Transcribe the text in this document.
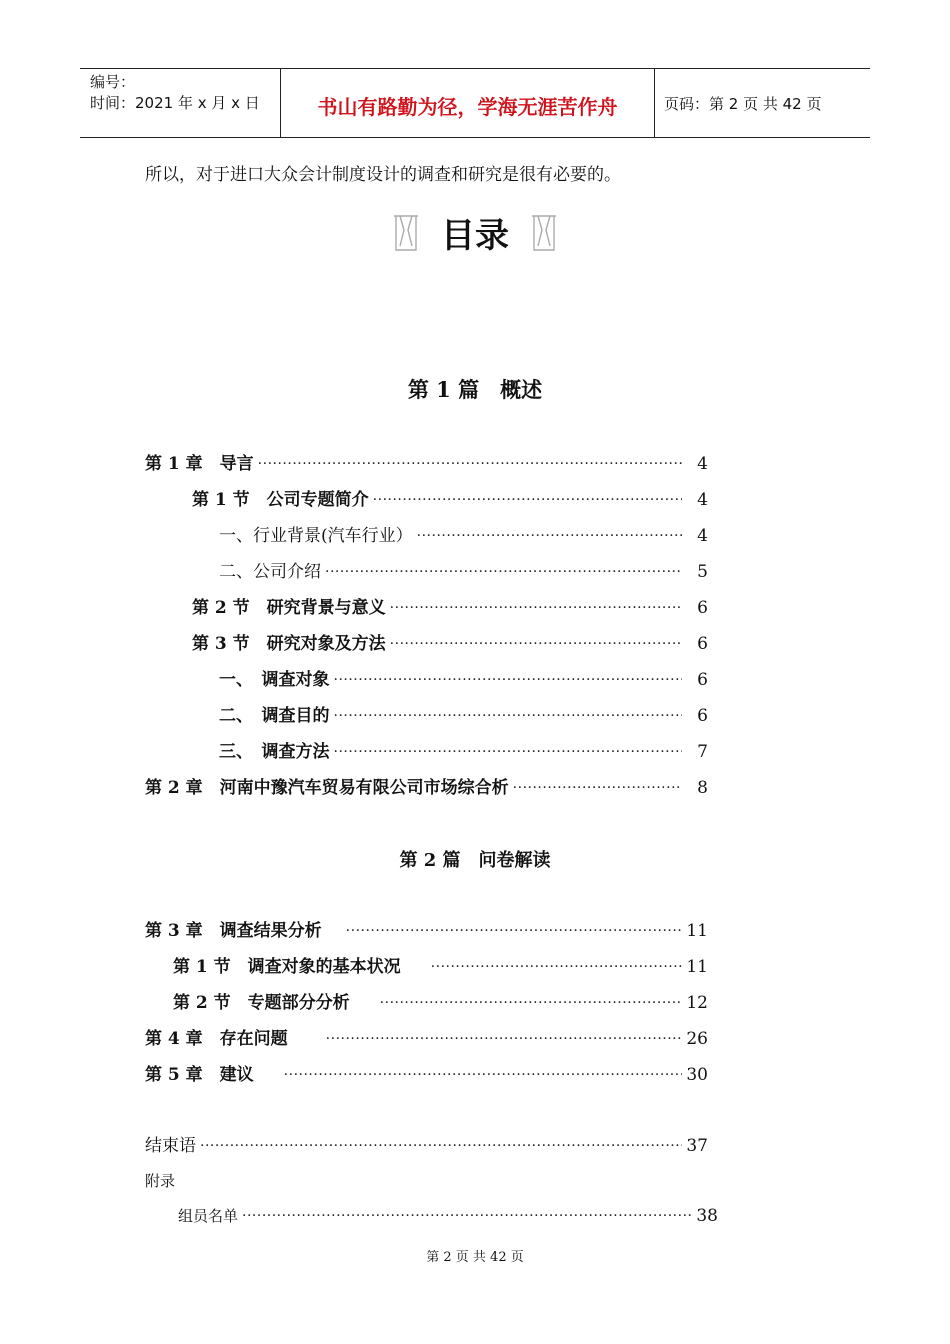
编号：
时间：2021 年 x 月 x 日	书山有路勤为径，学海无涯苦作舟	页码：第 2 页 共 42 页
所以，对于进口大众会计制度设计的调查和研究是很有必要的。
目录
第 1 篇　概述
第 1 章　导言 ·····	4
第 1 节　公司专题简介 ·····	4
一、行业背景(汽车行业） ·····	4
二、公司介绍 ·····	5
第 2 节　研究背景与意义 ·····	6
第 3 节　研究对象及方法 ·····	6
一、　调查对象 ·····	6
二、　调查目的 ·····	6
三、　调查方法 ·····	7
第 2 章　河南中豫汽车贸易有限公司市场综合析 ·····	8
第 2 篇　问卷解读
第 3 章　调查结果分析 ·····	11
第 1 节　调查对象的基本状况 ·····	11
第 2 节　专题部分分析 ·····	12
第 4 章　存在问题 ·····	26
第 5 章　建议 ·····	30
结束语 ·····	37
附录
组员名单 ·····	38
第 2 页 共 42 页
